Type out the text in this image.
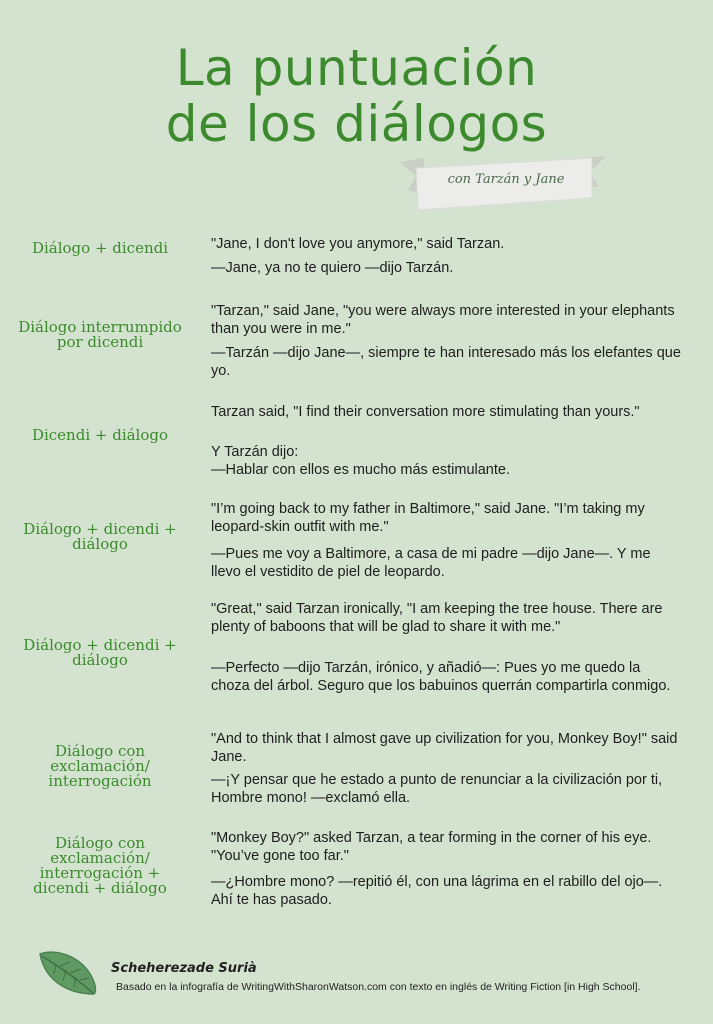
La puntuación
de los diálogos
con Tarzán y Jane
Diálogo + dicendi	"Jane, I don't love you anymore," said Tarzan.

—Jane, ya no te quiero —dijo Tarzán.

Diálogo interrumpido por dicendi

"Tarzan," said Jane, "you were always more interested in your elephants than you were in me."

—Tarzán —dijo Jane—, siempre te han interesado más los elefantes que yo.

Dicendi + diálogo

Tarzan said, "I find their conversation more stimulating than yours."

Y Tarzán dijo:
—Hablar con ellos es mucho más estimulante.

Diálogo + dicendi + diálogo

"I’m going back to my father in Baltimore," said Jane. "I’m taking my leopard-skin outfit with me."

—Pues me voy a Baltimore, a casa de mi padre —dijo Jane—. Y me llevo el vestidito de piel de leopardo.

Diálogo + dicendi + diálogo

"Great," said Tarzan ironically, "I am keeping the tree house. There are plenty of baboons that will be glad to share it with me."

—Perfecto —dijo Tarzán, irónico, y añadió—: Pues yo me quedo la choza del árbol. Seguro que los babuinos querrán compartirla conmigo.

Diálogo con exclamación/ interrogación

"And to think that I almost gave up civilization for you, Monkey Boy!" said Jane.

—¡Y pensar que he estado a punto de renunciar a la civilización por ti, Hombre mono! —exclamó ella.

Diálogo con exclamación/ interrogación + dicendi + diálogo

"Monkey Boy?" asked Tarzan, a tear forming in the corner of his eye. "You’ve gone too far."

—¿Hombre mono? —repitió él, con una lágrima en el rabillo del ojo—. Ahí te has pasado.

Scheherezade Surià
Basado en la infografía de WritingWithSharonWatson.com con texto en inglés de Writing Fiction [in High School].
